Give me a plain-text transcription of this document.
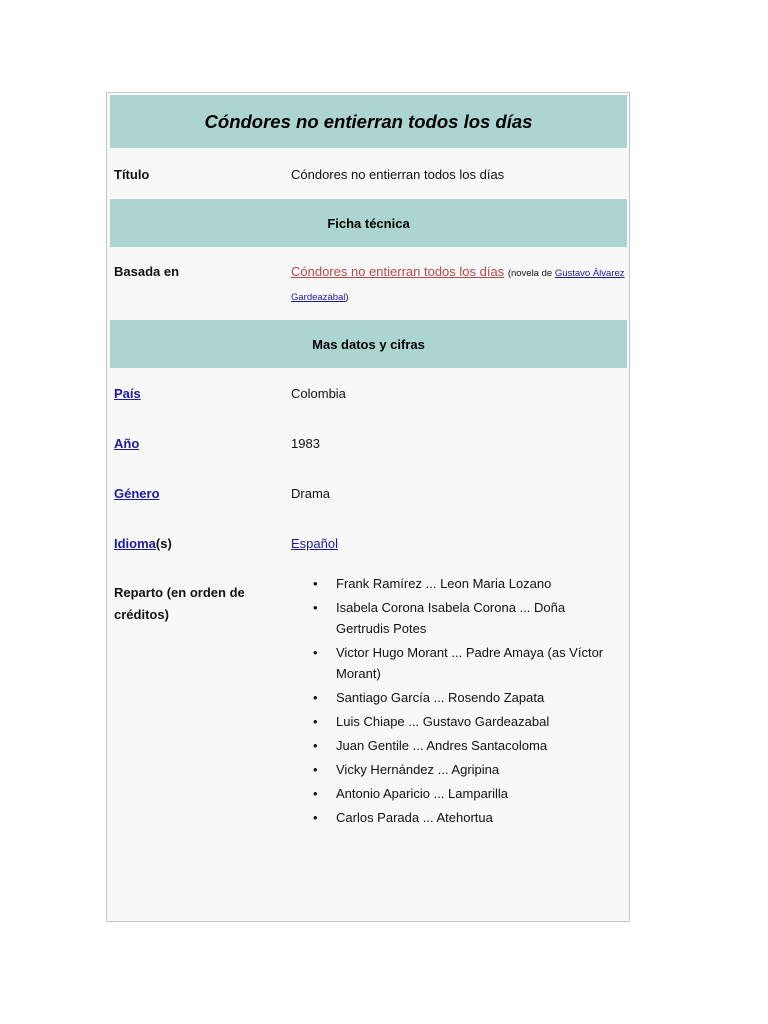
Cóndores no entierran todos los días
Título	Cóndores no entierran todos los días
Ficha técnica
Basada en	Cóndores no entierran todos los días (novela de Gustavo Álvarez Gardeazábal)
Mas datos y cifras
País	Colombia
Año	1983
Género	Drama
Idioma(s)	Español
Reparto (en orden de créditos)
• Frank Ramírez ... Leon Maria Lozano
• Isabela Corona Isabela Corona ... Doña Gertrudis Potes
• Victor Hugo Morant ... Padre Amaya (as Víctor Morant)
• Santiago García ... Rosendo Zapata
• Luis Chiape ... Gustavo Gardeazabal
• Juan Gentile ... Andres Santacoloma
• Vicky Hernández ... Agripina
• Antonio Aparicio ... Lamparilla
• Carlos Parada ... Atehortua
